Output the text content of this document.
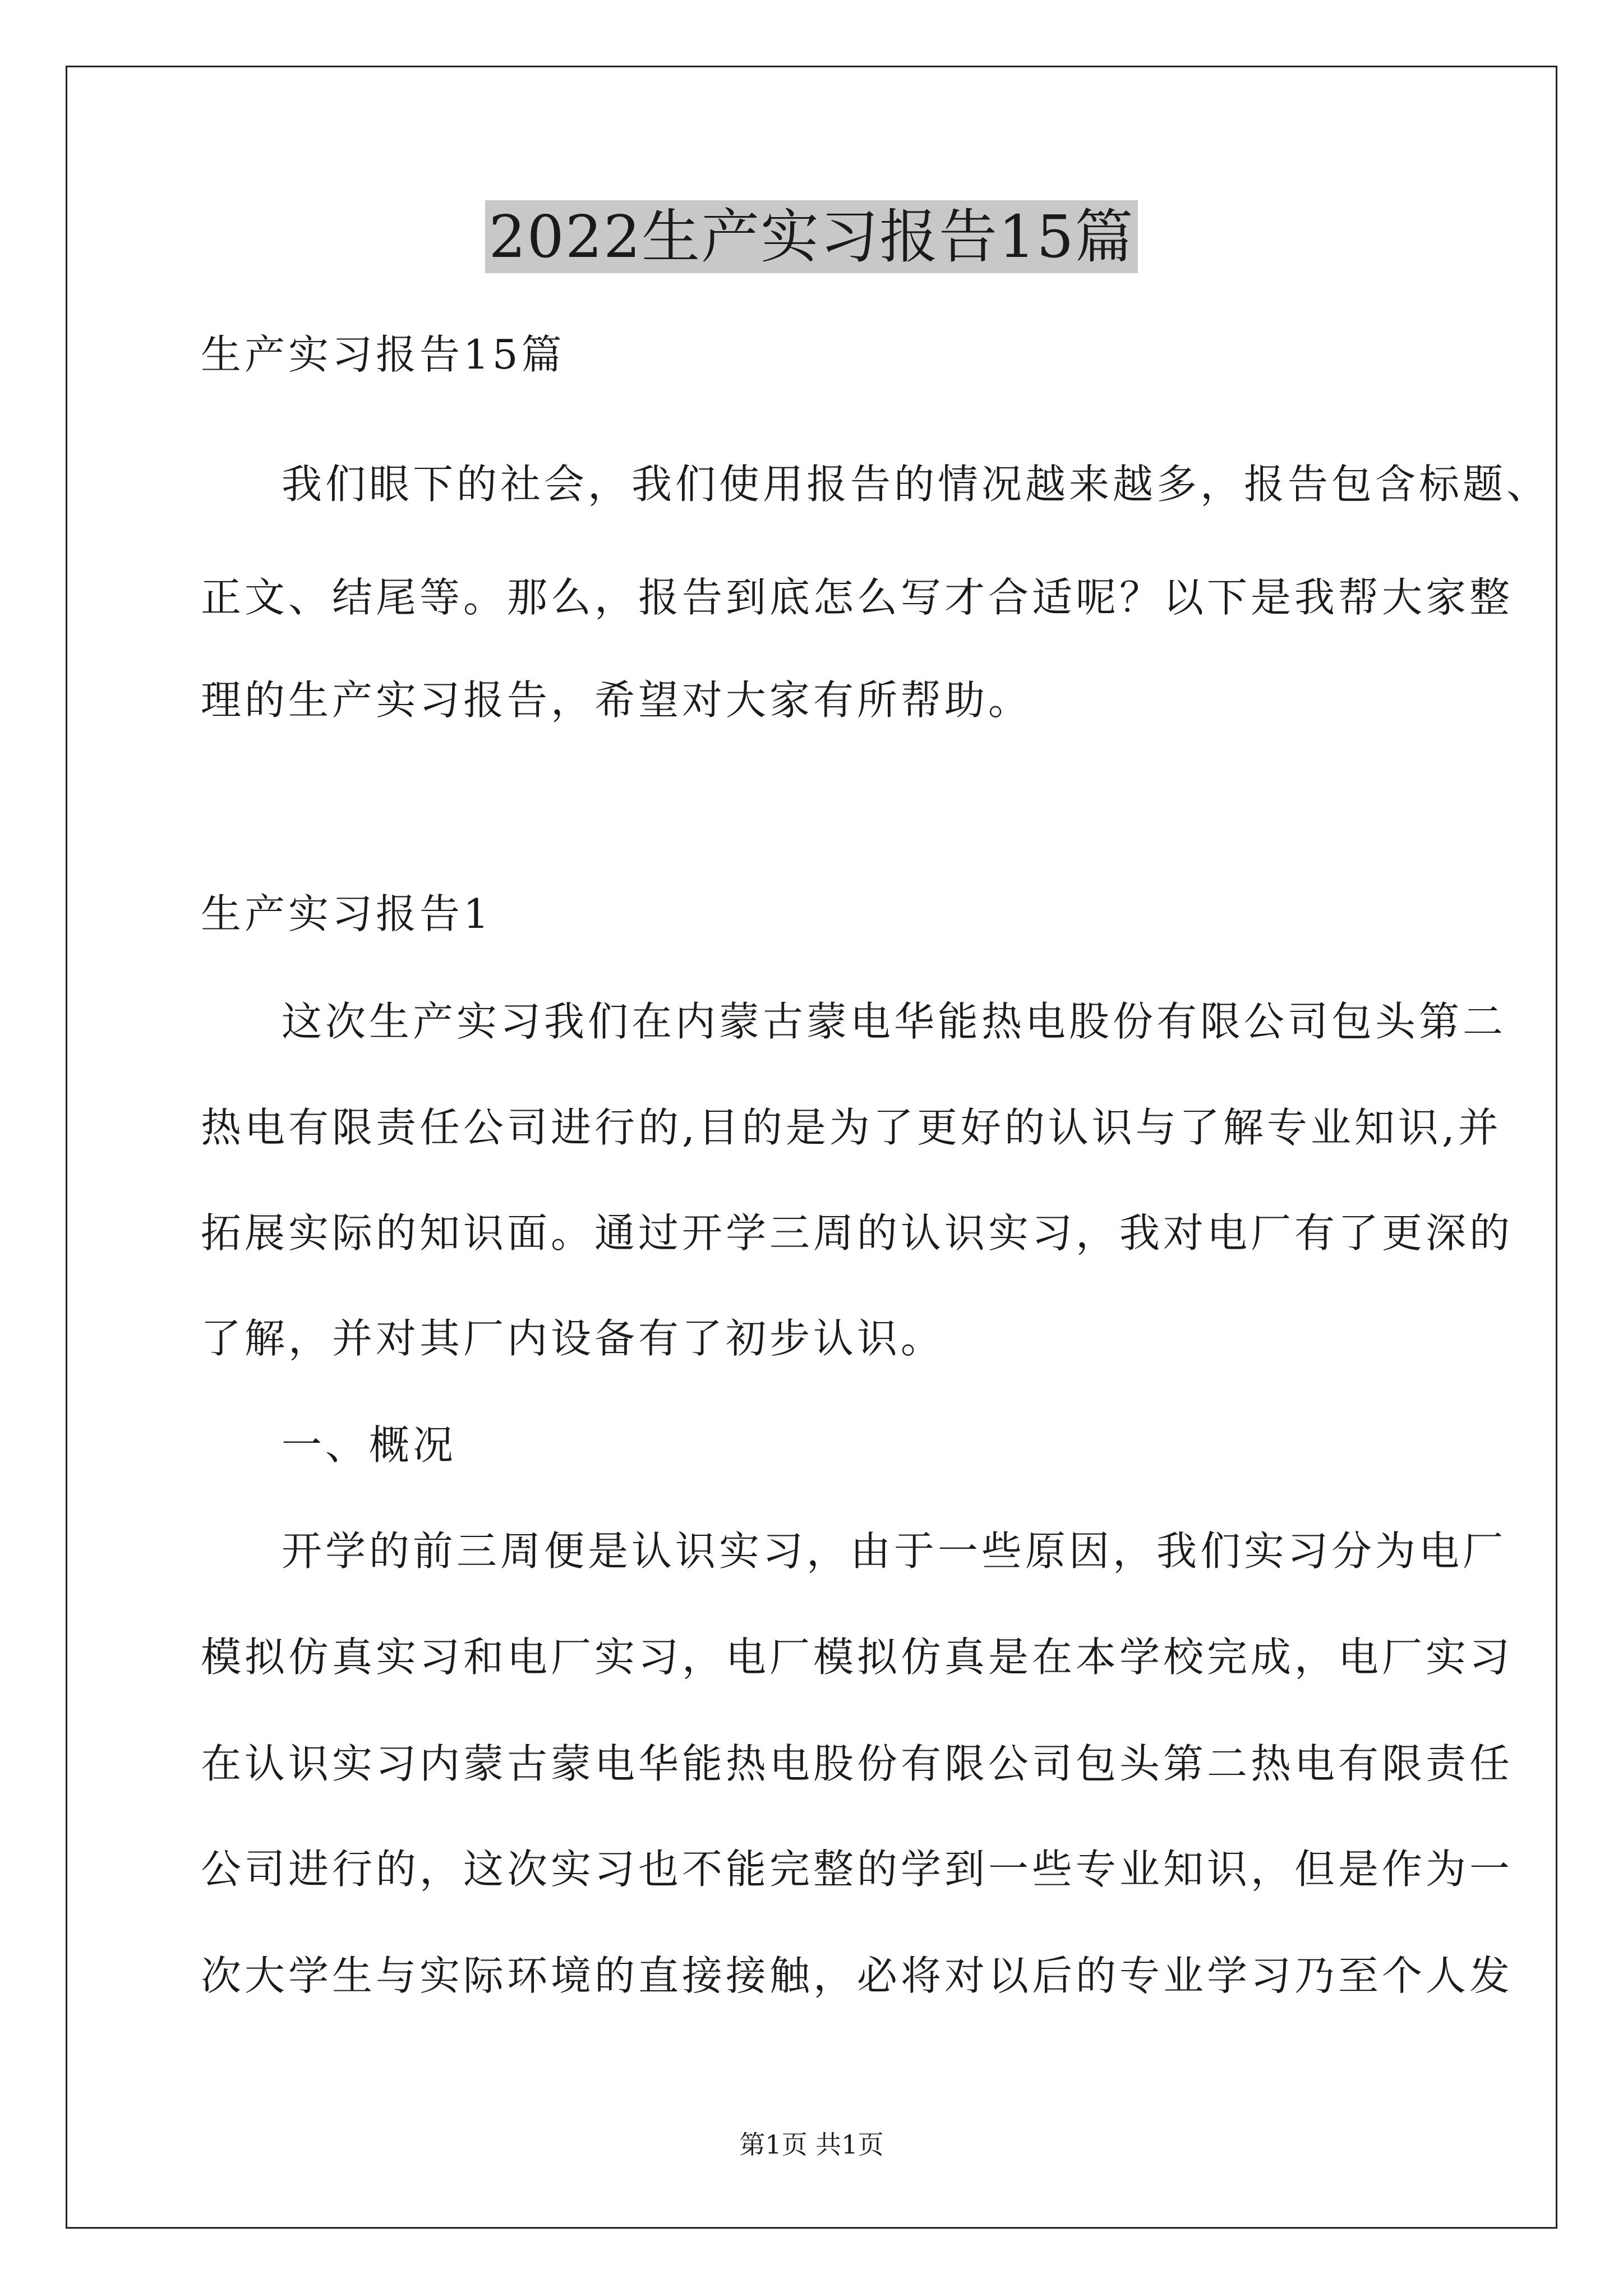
2022生产实习报告15篇

生产实习报告15篇

我们眼下的社会，我们使用报告的情况越来越多，报告包含标题、

正文、结尾等。那么，报告到底怎么写才合适呢？以下是我帮大家整

理的生产实习报告，希望对大家有所帮助。

生产实习报告1

这次生产实习我们在内蒙古蒙电华能热电股份有限公司包头第二

热电有限责任公司进行的,目的是为了更好的认识与了解专业知识,并

拓展实际的知识面。通过开学三周的认识实习，我对电厂有了更深的

了解，并对其厂内设备有了初步认识。

一、概况

开学的前三周便是认识实习，由于一些原因，我们实习分为电厂

模拟仿真实习和电厂实习，电厂模拟仿真是在本学校完成，电厂实习

在认识实习内蒙古蒙电华能热电股份有限公司包头第二热电有限责任

公司进行的，这次实习也不能完整的学到一些专业知识，但是作为一

次大学生与实际环境的直接接触，必将对以后的专业学习乃至个人发

第1页 共1页
